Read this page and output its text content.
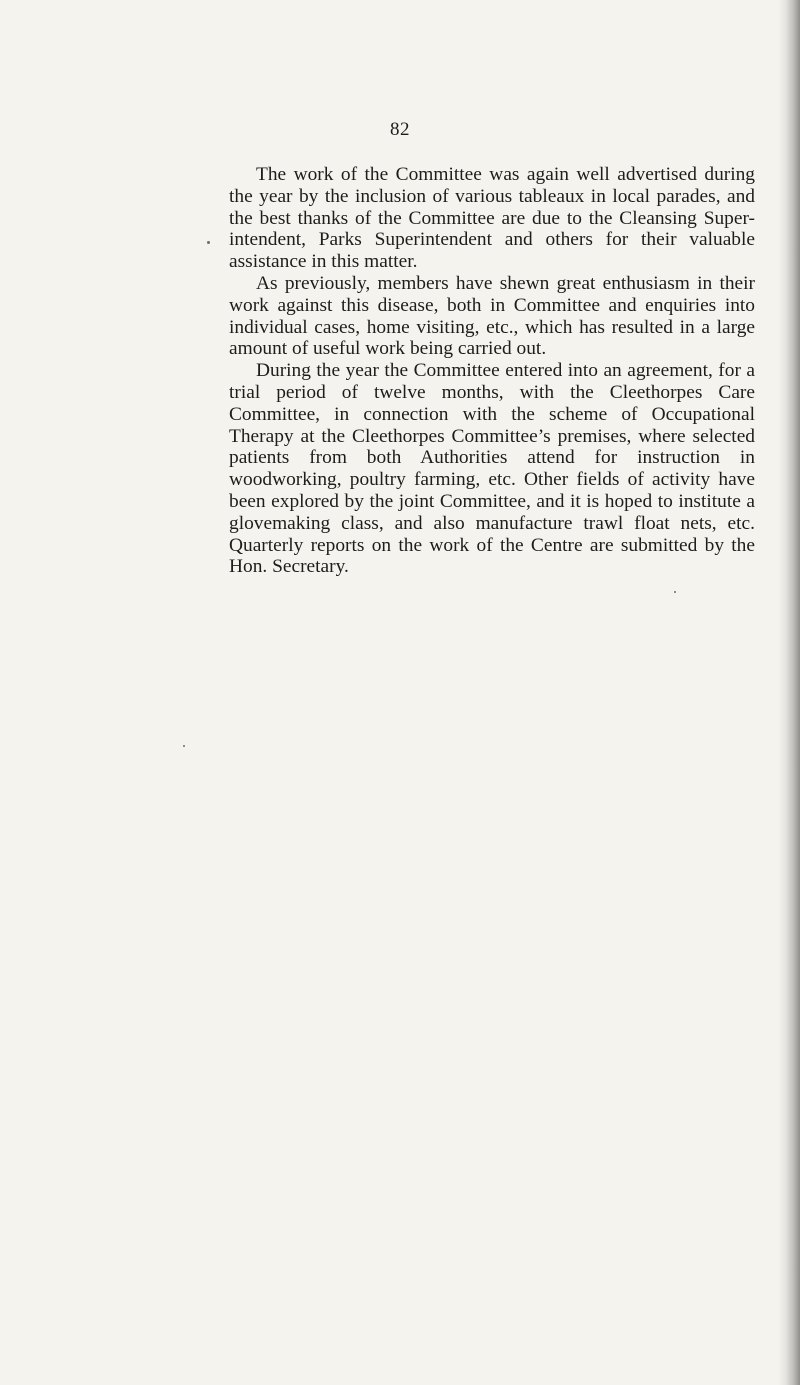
82

The work of the Committee was again well advertised during the year by the inclusion of various tableaux in local parades, and the best thanks of the Committee are due to the Cleansing Super-intendent, Parks Superintendent and others for their valuable assistance in this matter.

As previously, members have shewn great enthusiasm in their work against this disease, both in Committee and enquiries into individual cases, home visiting, etc., which has resulted in a large amount of useful work being carried out.

During the year the Committee entered into an agreement, for a trial period of twelve months, with the Cleethorpes Care Committee, in connection with the scheme of Occupational Therapy at the Cleethorpes Committee’s premises, where selected patients from both Authorities attend for instruction in woodworking, poultry farming, etc. Other fields of activity have been explored by the joint Committee, and it is hoped to institute a glovemaking class, and also manufacture trawl float nets, etc. Quarterly reports on the work of the Centre are submitted by the Hon. Secretary.
